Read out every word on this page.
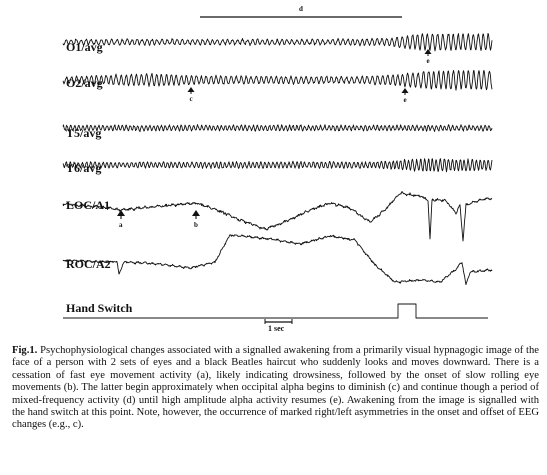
O1/avg
O2/avg
T5/avg
T6/avg
LOC/A1
ROC/A2
Hand Switch
d
e
c	e
a	b
1 sec

Fig.1. Psychophysiological changes associated with a signalled awakening from a primarily visual hypnagogic image of the face of a person with 2 sets of eyes and a black Beatles haircut who suddenly looks and moves downward. There is a cessation of fast eye movement activity (a), likely indicating drowsiness, followed by the onset of slow rolling eye movements (b). The latter begin approximately when occipital alpha begins to diminish (c) and continue though a period of mixed-frequency activity (d) until high amplitude alpha activity resumes (e). Awakening from the image is signalled with the hand switch at this point. Note, however, the occurrence of marked right/left asymmetries in the onset and offset of EEG changes (e.g., c).
